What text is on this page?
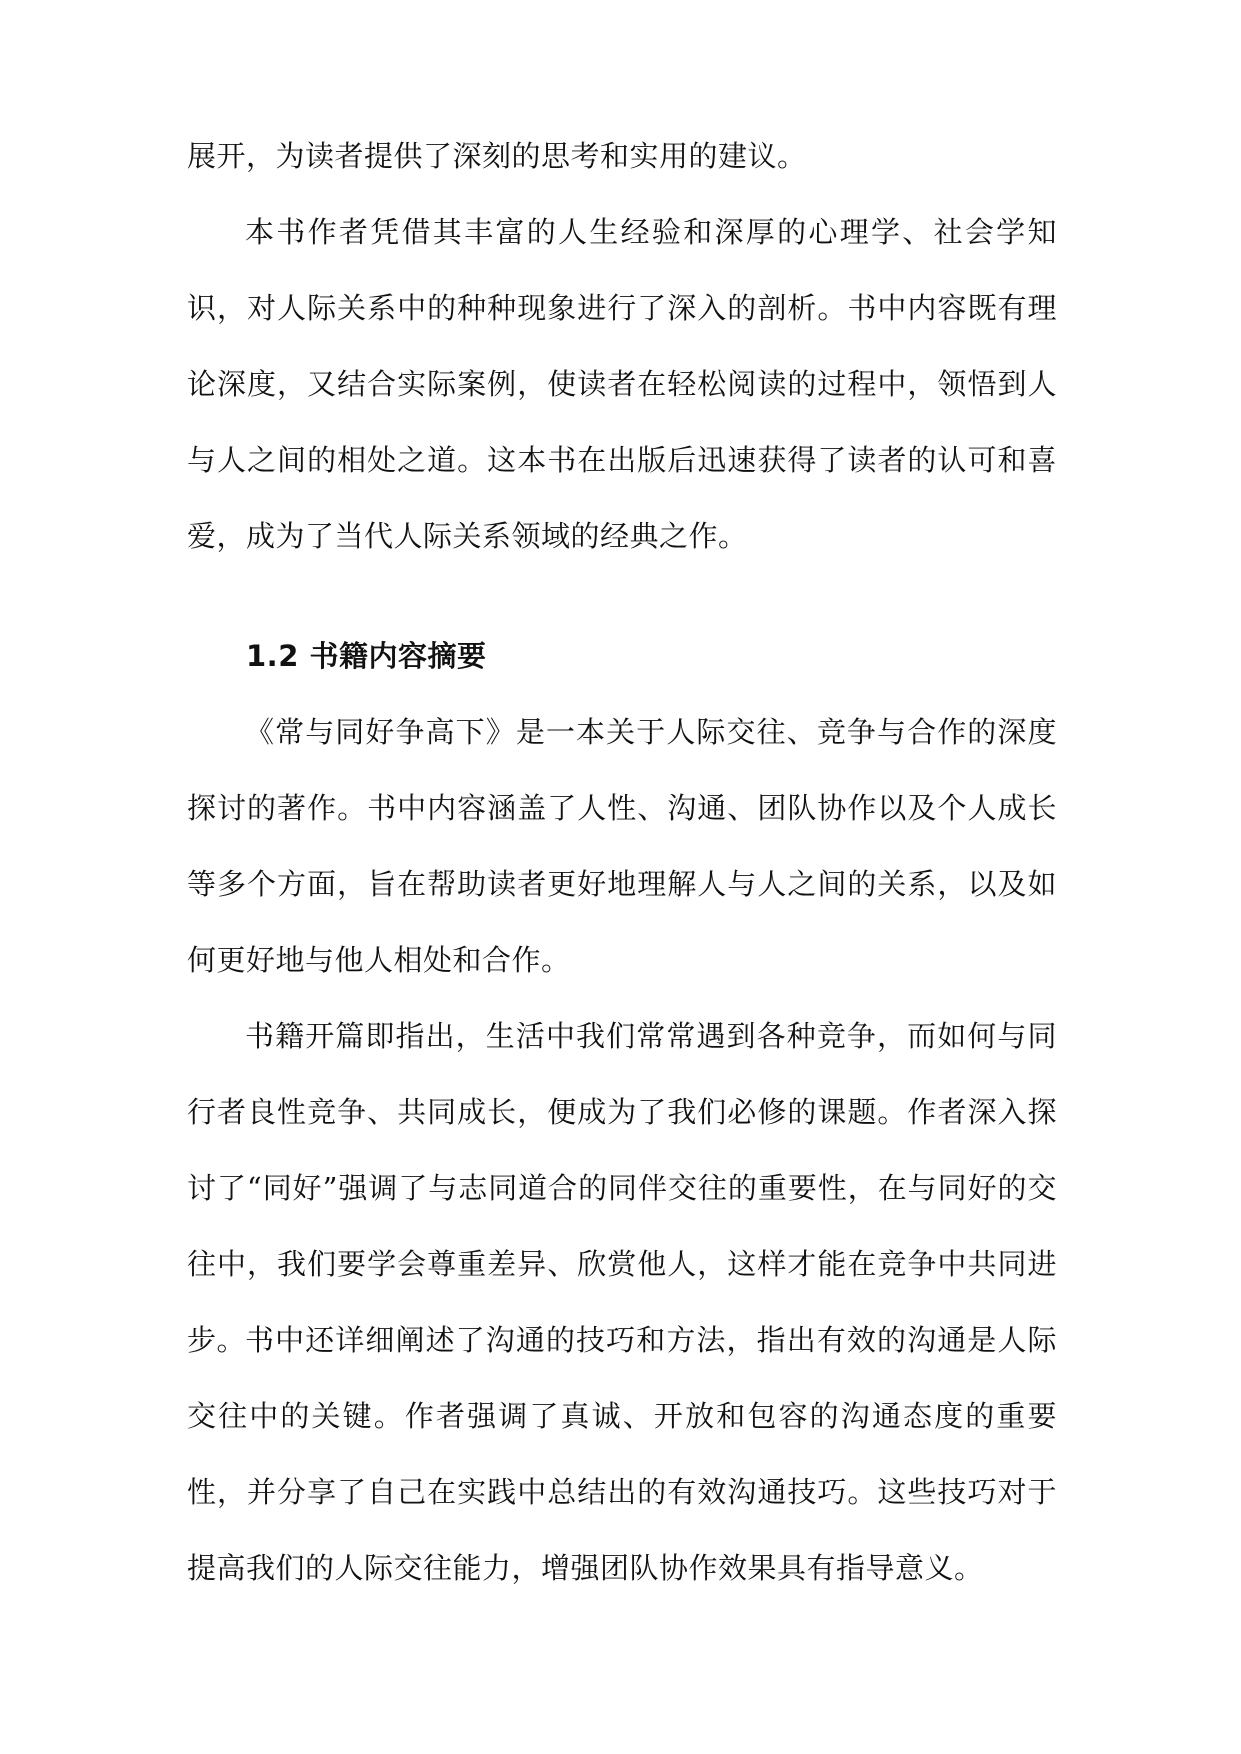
展开，为读者提供了深刻的思考和实用的建议。

本书作者凭借其丰富的人生经验和深厚的心理学、社会学知识，对人际关系中的种种现象进行了深入的剖析。书中内容既有理论深度，又结合实际案例，使读者在轻松阅读的过程中，领悟到人与人之间的相处之道。这本书在出版后迅速获得了读者的认可和喜爱，成为了当代人际关系领域的经典之作。

1.2 书籍内容摘要

《常与同好争高下》是一本关于人际交往、竞争与合作的深度探讨的著作。书中内容涵盖了人性、沟通、团队协作以及个人成长等多个方面，旨在帮助读者更好地理解人与人之间的关系，以及如何更好地与他人相处和合作。

书籍开篇即指出，生活中我们常常遇到各种竞争，而如何与同行者良性竞争、共同成长，便成为了我们必修的课题。作者深入探讨了“同好”强调了与志同道合的同伴交往的重要性，在与同好的交往中，我们要学会尊重差异、欣赏他人，这样才能在竞争中共同进步。

书中还详细阐述了沟通的技巧和方法，指出有效的沟通是人际交往中的关键。作者强调了真诚、开放和包容的沟通态度的重要性，并分享了自己在实践中总结出的有效沟通技巧。这些技巧对于提高我们的人际交往能力，增强团队协作效果具有指导意义。
